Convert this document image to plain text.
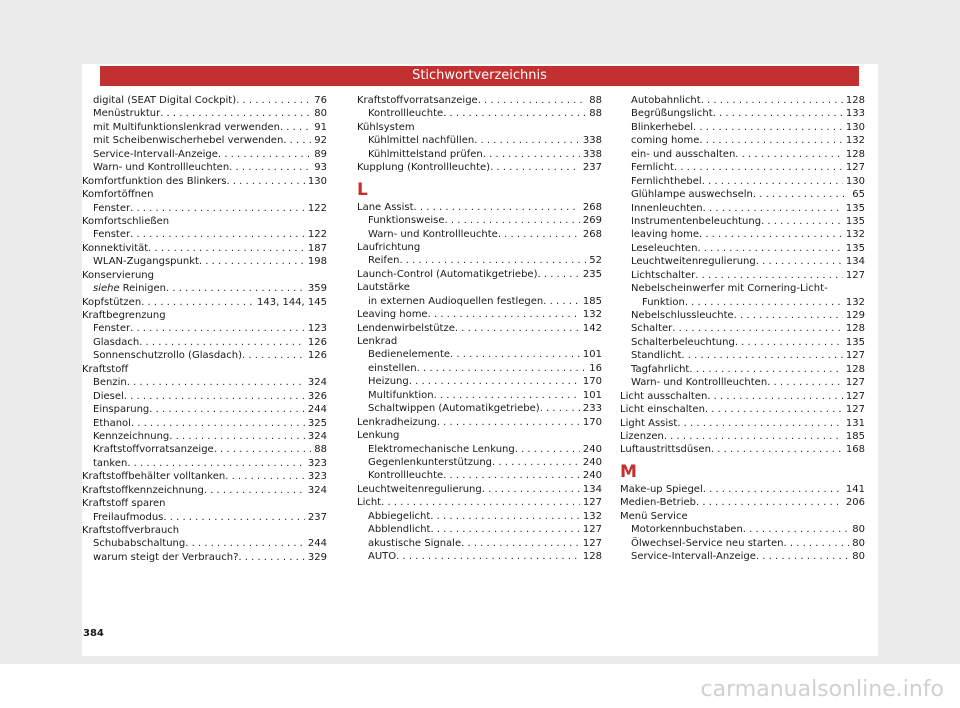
Stichwortverzeichnis
digital (SEAT Digital Cockpit) . . .	76
Menüstruktur . . .	80
mit Multifunktionslenkrad verwenden . . .	91
mit Scheibenwischerhebel verwenden . . .	92
Service-Intervall-Anzeige . . .	89
Warn- und Kontrollleuchten . . .	93
Komfortfunktion des Blinkers . . .	130
Komfortöffnen
Fenster . . .	122
Komfortschließen
Fenster . . .	122
Konnektivität . . .	187
WLAN-Zugangspunkt . . .	198
Konservierung
siehe Reinigen . . .	359
Kopfstützen . . .	143, 144, 145
Kraftbegrenzung
Fenster . . .	123
Glasdach . . .	126
Sonnenschutzrollo (Glasdach) . . .	126
Kraftstoff
Benzin . . .	324
Diesel . . .	326
Einsparung . . .	244
Ethanol . . .	325
Kennzeichnung . . .	324
Kraftstoffvorratsanzeige . . .	88
tanken . . .	323
Kraftstoffbehälter volltanken . . .	323
Kraftstoffkennzeichnung . . .	324
Kraftstoff sparen
Freilaufmodus . . .	237
Kraftstoffverbrauch
Schubabschaltung . . .	244
warum steigt der Verbrauch? . . .	329
Kraftstoffvorratsanzeige . . .	88
Kontrollleuchte . . .	88
Kühlsystem
Kühlmittel nachfüllen . . .	338
Kühlmittelstand prüfen . . .	338
Kupplung (Kontrollleuchte) . . .	237
L
Lane Assist . . .	268
Funktionsweise . . .	269
Warn- und Kontrollleuchte . . .	268
Laufrichtung
Reifen . . .	52
Launch-Control (Automatikgetriebe) . . .	235
Lautstärke
in externen Audioquellen festlegen . . .	185
Leaving home . . .	132
Lendenwirbelstütze . . .	142
Lenkrad
Bedienelemente . . .	101
einstellen . . .	16
Heizung . . .	170
Multifunktion . . .	101
Schaltwippen (Automatikgetriebe) . . .	233
Lenkradheizung . . .	170
Lenkung
Elektromechanische Lenkung . . .	240
Gegenlenkunterstützung . . .	240
Kontrollleuchte . . .	240
Leuchtweitenregulierung . . .	134
Licht . . .	127
Abbiegelicht . . .	132
Abblendlicht . . .	127
akustische Signale . . .	127
AUTO . . .	128
Autobahnlicht . . .	128
Begrüßungslicht . . .	133
Blinkerhebel . . .	130
coming home . . .	132
ein- und ausschalten . . .	128
Fernlicht . . .	127
Fernlichthebel . . .	130
Glühlampe auswechseln . . .	65
Innenleuchten . . .	135
Instrumentenbeleuchtung . . .	135
leaving home . . .	132
Leseleuchten . . .	135
Leuchtweitenregulierung . . .	134
Lichtschalter . . .	127
Nebelscheinwerfer mit Cornering-Licht-
Funktion . . .	132
Nebelschlussleuchte . . .	129
Schalter . . .	128
Schalterbeleuchtung . . .	135
Standlicht . . .	127
Tagfahrlicht . . .	128
Warn- und Kontrollleuchten . . .	127
Licht ausschalten . . .	127
Licht einschalten . . .	127
Light Assist . . .	131
Lizenzen . . .	185
Luftaustrittsdüsen . . .	168
M
Make-up Spiegel . . .	141
Medien-Betrieb . . .	206
Menü Service
Motorkennbuchstaben . . .	80
Ölwechsel-Service neu starten . . .	80
Service-Intervall-Anzeige . . .	80
384
carmanualsonline.info
